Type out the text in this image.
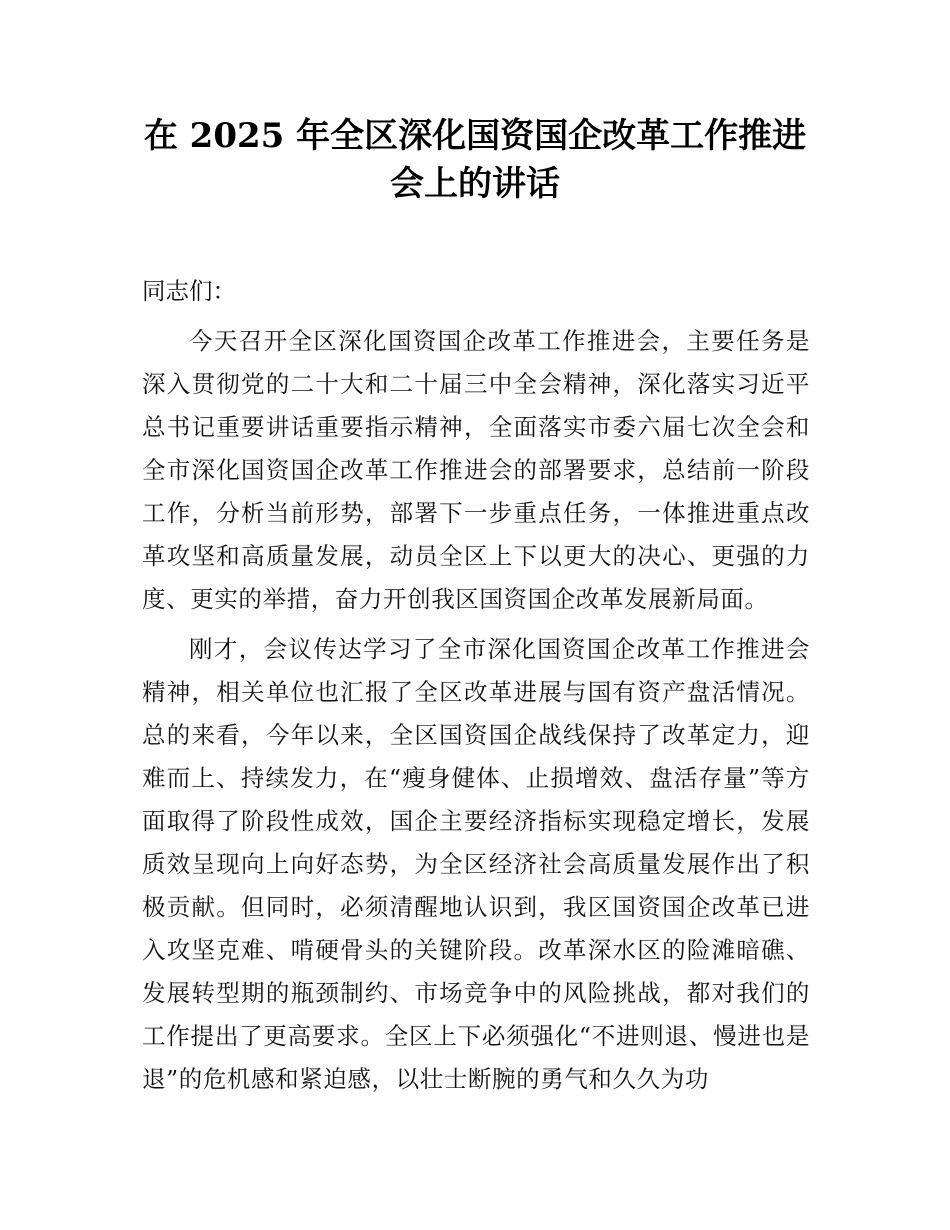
在 2025 年全区深化国资国企改革工作推进会上的讲话

同志们：

今天召开全区深化国资国企改革工作推进会，主要任务是深入贯彻党的二十大和二十届三中全会精神，深化落实习近平总书记重要讲话重要指示精神，全面落实市委六届七次全会和全市深化国资国企改革工作推进会的部署要求，总结前一阶段工作，分析当前形势，部署下一步重点任务，一体推进重点改革攻坚和高质量发展，动员全区上下以更大的决心、更强的力度、更实的举措，奋力开创我区国资国企改革发展新局面。

刚才，会议传达学习了全市深化国资国企改革工作推进会精神，相关单位也汇报了全区改革进展与国有资产盘活情况。总的来看，今年以来，全区国资国企战线保持了改革定力，迎难而上、持续发力，在“瘦身健体、止损增效、盘活存量”等方面取得了阶段性成效，国企主要经济指标实现稳定增长，发展质效呈现向上向好态势，为全区经济社会高质量发展作出了积极贡献。但同时，必须清醒地认识到，我区国资国企改革已进入攻坚克难、啃硬骨头的关键阶段。改革深水区的险滩暗礁、发展转型期的瓶颈制约、市场竞争中的风险挑战，都对我们的工作提出了更高要求。全区上下必须强化“不进则退、慢进也是退”的危机感和紧迫感，以壮士断腕的勇气和久久为功
